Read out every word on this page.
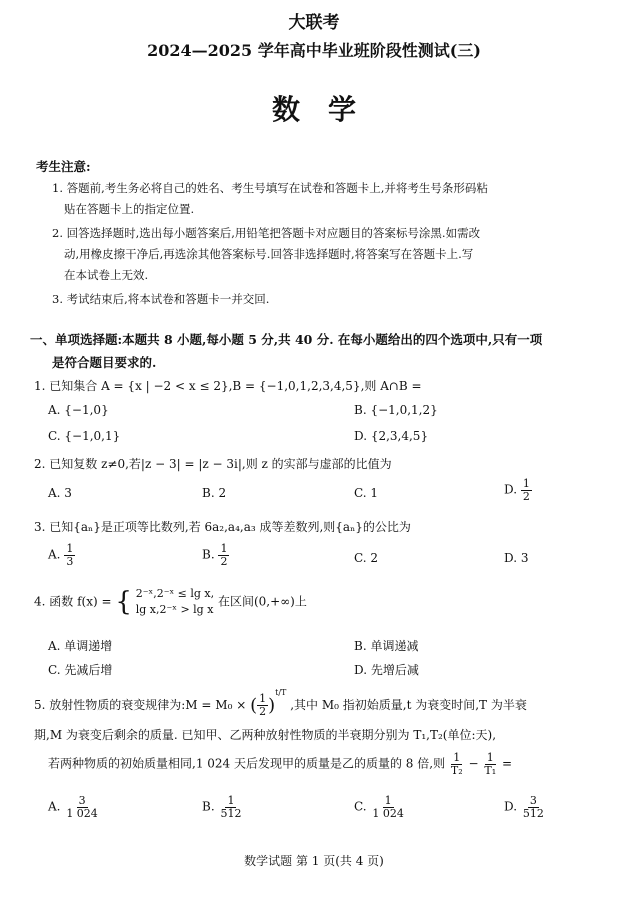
大联考
2024—2025 学年高中毕业班阶段性测试(三)
数学
考生注意:
1. 答题前,考生务必将自己的姓名、考生号填写在试卷和答题卡上,并将考生号条形码粘
贴在答题卡上的指定位置.
2. 回答选择题时,选出每小题答案后,用铅笔把答题卡对应题目的答案标号涂黑.如需改
动,用橡皮擦干净后,再选涂其他答案标号.回答非选择题时,将答案写在答题卡上.写
在本试卷上无效.
3. 考试结束后,将本试卷和答题卡一并交回.
一、单项选择题:本题共 8 小题,每小题 5 分,共 40 分. 在每小题给出的四个选项中,只有一项
是符合题目要求的.
1. 已知集合 A = {x | −2 < x ≤ 2},B = {−1,0,1,2,3,4,5},则 A∩B =
A. {−1,0}	B. {−1,0,1,2}
C. {−1,0,1}	D. {2,3,4,5}
2. 已知复数 z≠0,若|z − 3| = |z − 3i|,则 z 的实部与虚部的比值为
A. 3	B. 2	C. 1	D. $\frac{1}{2}$
3. 已知{aₙ}是正项等比数列,若 6a₂,a₄,a₃ 成等差数列,则{aₙ}的公比为
A. $\frac{1}{3}$	B. $\frac{1}{2}$	C. 2	D. 3
4. 函数 f(x) = { 2⁻ˣ,2⁻ˣ ≤ lg x,
lg x,2⁻ˣ > lg x
在区间(0,+∞)上
A. 单调递增	B. 单调递减
C. 先减后增	D. 先增后减
5. 放射性物质的衰变规律为:M = M₀ × ( $\frac{1}{2} )^{t/T}$ ,其中 M₀ 指初始质量,t 为衰变时间,T 为半衰
期,M 为衰变后剩余的质量. 已知甲、乙两种放射性物质的半衰期分别为 T₁,T₂(单位:天),
若两种物质的初始质量相同,1 024 天后发现甲的质量是乙的质量的 8 倍,则 $\frac{1}{\text{T₂}} - \frac{1}{\text{T₁}}$ =
A. $\frac{3}{1 024}$	B. $\frac{1}{512}$	C. $\frac{1}{1 024}$	D. $\frac{3}{512}$
数学试题 第 1 页(共 4 页)
